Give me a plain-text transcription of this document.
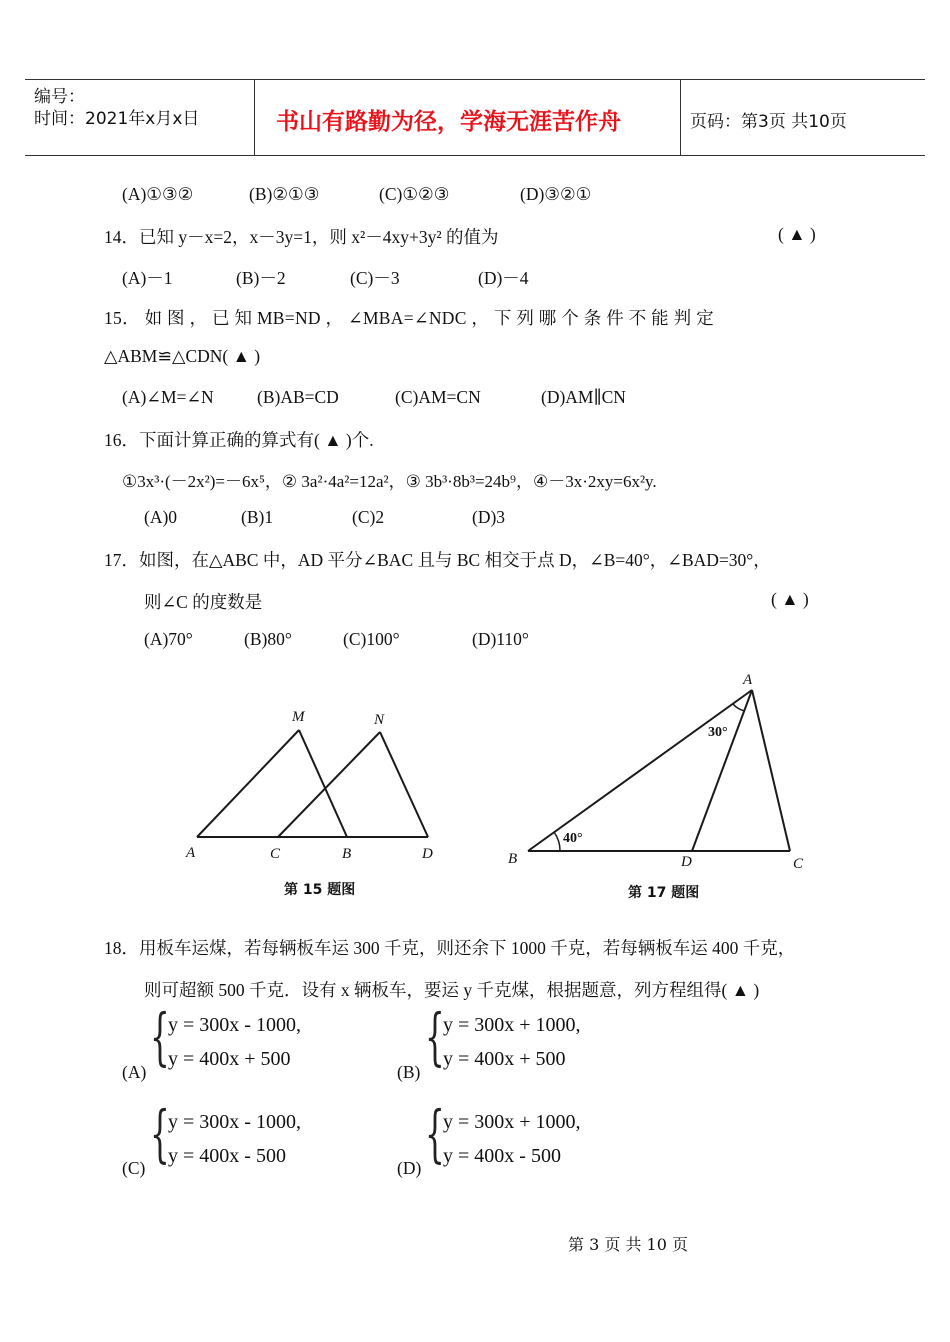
编号：
时间：2021年x月x日	书山有路勤为径，学海无涯苦作舟	页码：第3页 共10页
(A)①③②	(B)②①③	(C)①②③	(D)③②①
14．已知 y－x=2，x－3y=1，则 x²－4xy+3y² 的值为	( ▲ )
(A)－1	(B)－2	(C)－3	(D)－4
15． 如 图 ， 已 知 MB=ND ， ∠MBA=∠NDC ， 下 列 哪 个 条 件 不 能 判 定
△ABM≌△CDN( ▲ )
(A)∠M=∠N (B)AB=CD	(C)AM=CN	(D)AM∥CN
16．下面计算正确的算式有( ▲ )个.
①3x³·(－2x²)=－6x⁵，② 3a²·4a²=12a²，③ 3b³·8b³=24b⁹，④－3x·2xy=6x²y.
(A)0	(B)1	(C)2	(D)3
17．如图，在△ABC 中，AD 平分∠BAC 且与 BC 相交于点 D，∠B=40°，∠BAD=30°，
则∠C 的度数是	( ▲ )
(A)70°	(B)80°	(C)100°	(D)110°
M	N
A	C	B	D
第 15 题图
A
B	D	C
30°
40°
第 17 题图
18．用板车运煤，若每辆板车运 300 千克，则还余下 1000 千克，若每辆板车运 400 千克，
则可超额 500 千克．设有 x 辆板车，要运 y 千克煤，根据题意，列方程组得( ▲ )
(A) {
y = 300x - 1000,
y = 400x + 500
(B) {
y = 300x + 1000,
y = 400x + 500
(C) {
y = 300x - 1000,
y = 400x - 500
(D) {
y = 300x + 1000,
y = 400x - 500
第 3 页 共 10 页
